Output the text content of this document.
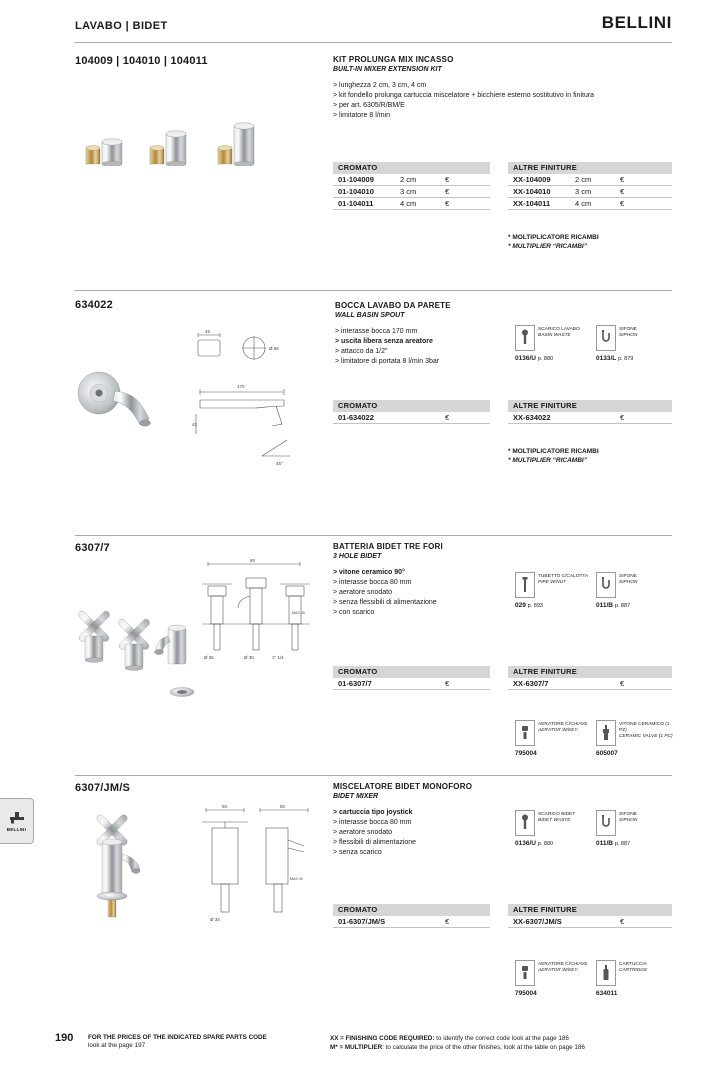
LAVABO | BIDET	BELLINI
104009 | 104010 | 104011	KIT PROLUNGA MIX INCASSO
BUILT-IN MIXER EXTENSION KIT
> lunghezza 2 cm, 3 cm, 4 cm
> kit fondello prolunga cartuccia miscelatore + bicchiere esterno sostitutivo in finitura
> per art. 6305/R/BM/E
> limitatore 8 l/min
CROMATO
01-104009	2 cm	€
01-104010	3 cm	€
01-104011	4 cm	€
ALTRE FINITURE
XX-104009	2 cm	€
XX-104010	3 cm	€
XX-104011	4 cm	€
* MOLTIPLICATORE RICAMBI
* MULTIPLIER “RICAMBI”
634022	BOCCA LAVABO DA PARETE
WALL BASIN SPOUT
> interasse bocca 170 mm
> uscita libera senza areatore
> attacco da 1/2"
> limitatore di portata 8 l/min 3bar
SCARICO LAVABO
BASIN WASTE
0136/U p. 880
SIFONE
SIPHON
0133/L p. 879
45
Ø 66
170
42
45°
CROMATO
01-634022	€
ALTRE FINITURE
XX-634022	€
* MOLTIPLICATORE RICAMBI
* MULTIPLIER “RICAMBI”
6307/7	BATTERIA BIDET TRE FORI
3 HOLE BIDET
> vitone ceramico 90°
> interasse bocca 80 mm
> aeratore snodato
> senza flessibili di alimentazione
> con scarico
TUBETTO C/CALOTTA
PIPE W/NUT
029 p. 893
SIFONE
SIPHON
011/B p. 887
80
Ø 35	Ø 30
MAX 40
1" 1/4
CROMATO
01-6307/7	€
ALTRE FINITURE
XX-6307/7	€
AERATORE C/CHIAVE
AERATOR W/KEY
795004
VITONE CERAMICO (1 PZ)
CERAMIC VALVE (1 PC)
605007
6307/JM/S	MISCELATORE BIDET MONOFORO
BIDET MIXER
> cartuccia tipo joystick
> interasse bocca 80 mm
> aeratore snodato
> flessibili di alimentazione
> senza scarico
SCARICO BIDET
BIDET WASTE
0136/U p. 880
SIFONE
SIPHON
011/B p. 887
60	80
Ø 34
MAX 40
CROMATO
01-6307/JM/S	€
ALTRE FINITURE
XX-6307/JM/S	€
AERATORE C/CHIAVE
AERATOR W/KEY
795004
CARTUCCIA
CARTRIDGE
634011
BELLINI
190 FOR THE PRICES OF THE INDICATED SPARE PARTS CODE
look at the page 197
XX = FINISHING CODE REQUIRED: to identify the correct code look at the page 186
M* = MULTIPLIER: to calculate the price of the other finishes, look at the table on page 186
